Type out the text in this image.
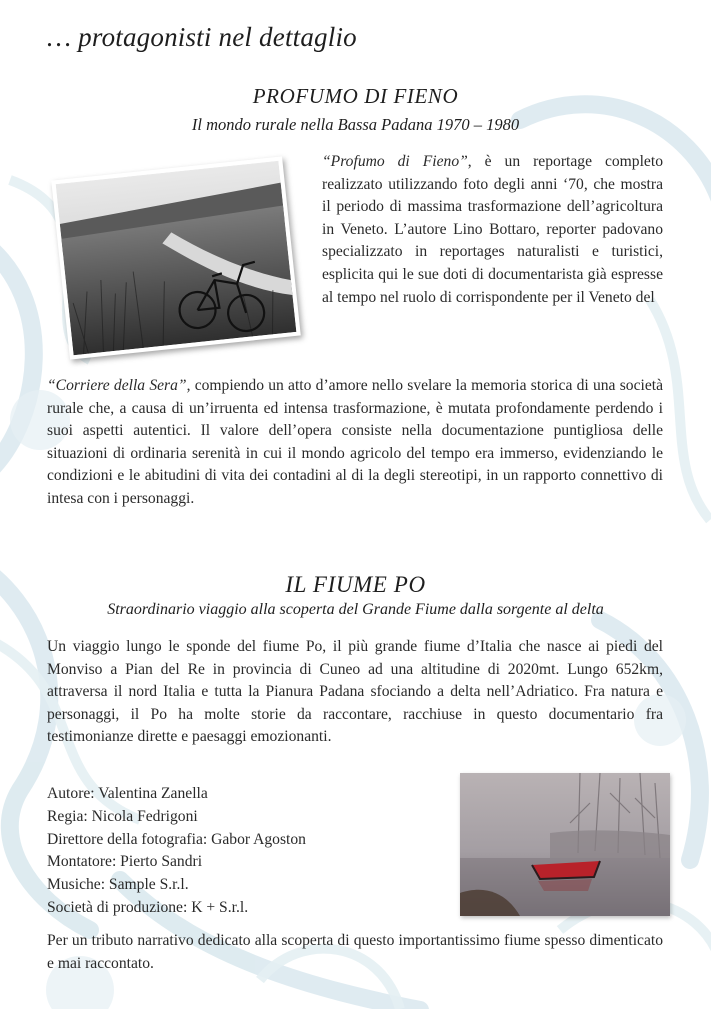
… protagonisti nel dettaglio
PROFUMO DI FIENO
Il mondo rurale nella Bassa Padana 1970 – 1980
“Profumo di Fieno”, è un reportage completo realizzato utilizzando foto degli anni ‘70, che mostra il periodo di massima trasformazione dell’agricoltura in Veneto. L’autore Lino Bottaro, reporter padovano specializzato in reportages naturalisti e turistici, esplicita qui le sue doti di documentarista già espresse al tempo nel ruolo di corrispondente per il Veneto del
“Corriere della Sera”, compiendo un atto d’amore nello svelare la memoria storica di una società rurale che, a causa di un’irruenta ed intensa trasformazione, è mutata profondamente perdendo i suoi aspetti autentici. Il valore dell’opera consiste nella documentazione puntigliosa delle situazioni di ordinaria serenità in cui il mondo agricolo del tempo era immerso, evidenziando le condizioni e le abitudini di vita dei contadini al di la degli stereotipi, in un rapporto connettivo di intesa con i personaggi.
IL FIUME PO
Straordinario viaggio alla scoperta del Grande Fiume dalla sorgente al delta
Un viaggio lungo le sponde del fiume Po, il più grande fiume d’Italia che nasce ai piedi del Monviso a Pian del Re in provincia di Cuneo ad una altitudine di 2020mt. Lungo 652km, attraversa il nord Italia e tutta la Pianura Padana sfociando a delta nell’Adriatico. Fra natura e personaggi, il Po ha molte storie da raccontare, racchiuse in questo documentario fra testimonianze dirette e paesaggi emozionanti.
Autore: Valentina Zanella
Regia: Nicola Fedrigoni
Direttore della fotografia: Gabor Agoston
Montatore: Pierto Sandri
Musiche: Sample S.r.l.
Società di produzione: K + S.r.l.
Per un tributo narrativo dedicato alla scoperta di questo importantissimo fiume spesso dimenticato e mai raccontato.
